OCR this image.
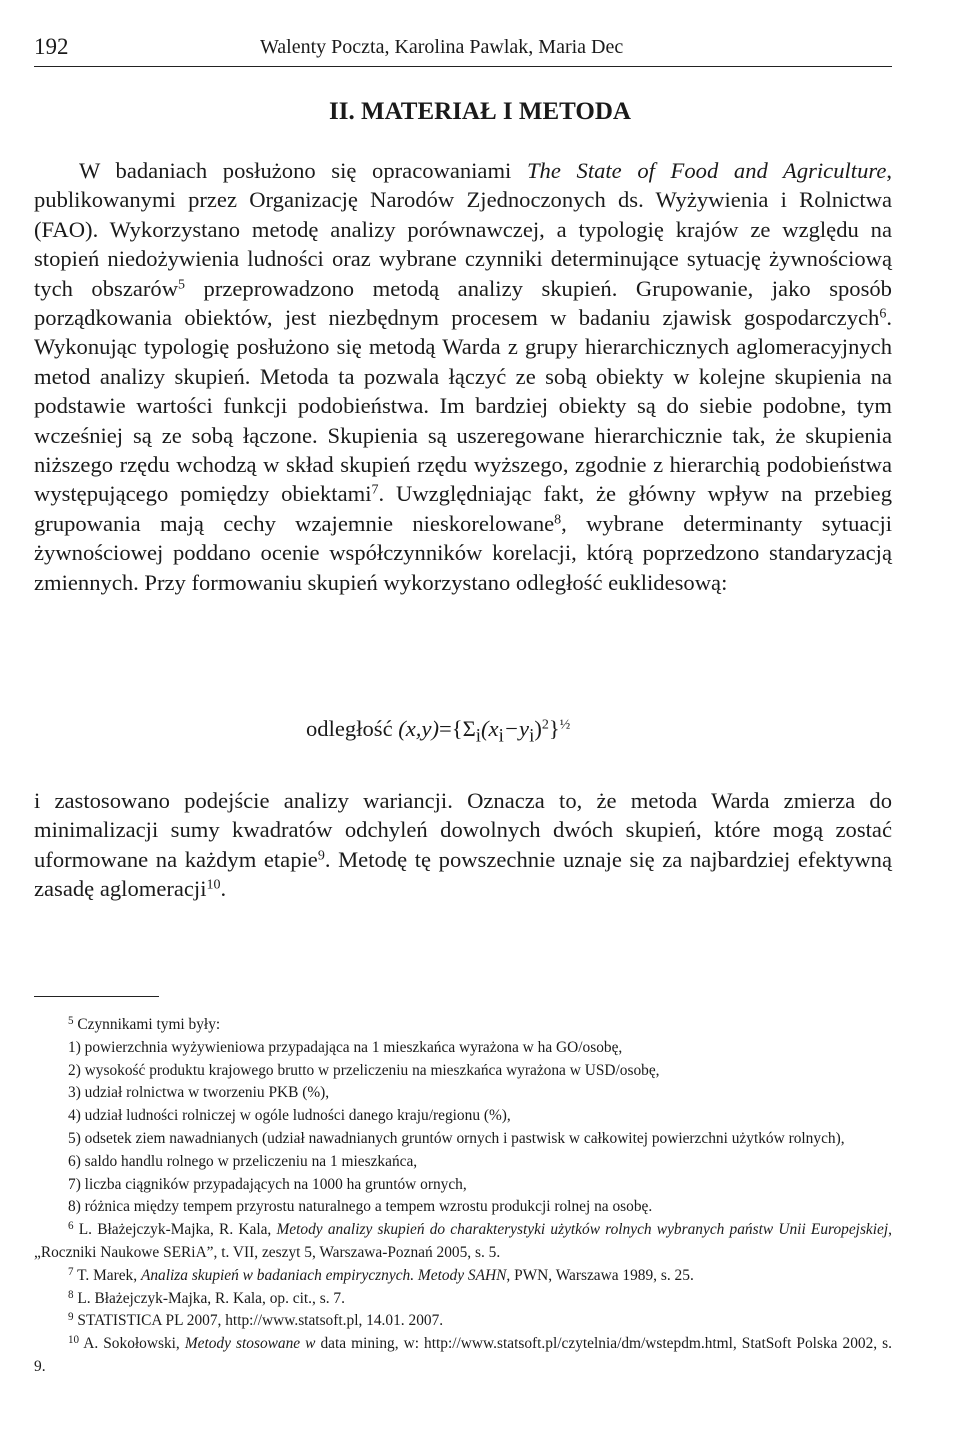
192	Walenty Poczta, Karolina Pawlak, Maria Dec
II. MATERIAŁ I METODA

W badaniach posłużono się opracowaniami The State of Food and Agriculture, publikowanymi przez Organizację Narodów Zjednoczonych ds. Wyżywienia i Rolnictwa (FAO). Wykorzystano metodę analizy porównawczej, a typologię krajów ze względu na stopień niedożywienia ludności oraz wybrane czynniki determinujące sytuację żywnościową tych obszarów$^5$ przeprowadzono metodą analizy skupień. Grupowanie, jako sposób porządkowania obiektów, jest niezbędnym procesem w badaniu zjawisk gospodarczych$^6$. Wykonując typologię posłużono się metodą Warda z grupy hierarchicznych aglomeracyjnych metod analizy skupień. Metoda ta pozwala łączyć ze sobą obiekty w kolejne skupienia na podstawie wartości funkcji podobieństwa. Im bardziej obiekty są do siebie podobne, tym wcześniej są ze sobą łączone. Skupienia są uszeregowane hierarchicznie tak, że skupienia niższego rzędu wchodzą w skład skupień rzędu wyższego, zgodnie z hierarchią podobieństwa występującego pomiędzy obiektami$^7$. Uwzględniając fakt, że główny wpływ na przebieg grupowania mają cechy wzajemnie nieskorelowane$^8$, wybrane determinanty sytuacji żywnościowej poddano ocenie współczynników korelacji, którą poprzedzono standaryzacją zmiennych. Przy formowaniu skupień wykorzystano odległość euklidesową:

odległość $(x,y)=\{\Sigma_i(x_i-y_i)^2\}^{\frac{1}{2}}$

i zastosowano podejście analizy wariancji. Oznacza to, że metoda Warda zmierza do minimalizacji sumy kwadratów odchyleń dowolnych dwóch skupień, które mogą zostać uformowane na każdym etapie$^9$. Metodę tę powszechnie uznaje się za najbardziej efektywną zasadę aglomeracji$^{10}$.

$^5$ Czynnikami tymi były:

1) powierzchnia wyżywieniowa przypadająca na 1 mieszkańca wyrażona w ha GO/osobę,

2) wysokość produktu krajowego brutto w przeliczeniu na mieszkańca wyrażona w USD/osobę,

3) udział rolnictwa w tworzeniu PKB (%),

4) udział ludności rolniczej w ogóle ludności danego kraju/regionu (%),

5) odsetek ziem nawadnianych (udział nawadnianych gruntów ornych i pastwisk w całkowitej powierzchni użytków rolnych),

6) saldo handlu rolnego w przeliczeniu na 1 mieszkańca,

7) liczba ciągników przypadających na 1000 ha gruntów ornych,

8) różnica między tempem przyrostu naturalnego a tempem wzrostu produkcji rolnej na osobę.

$^6$ L. Błażejczyk-Majka, R. Kala, Metody analizy skupień do charakterystyki użytków rolnych wybranych państw Unii Europejskiej, „Roczniki Naukowe SERiA”, t. VII, zeszyt 5, Warszawa-Poznań 2005, s. 5.

$^7$ T. Marek, Analiza skupień w badaniach empirycznych. Metody SAHN, PWN, Warszawa 1989, s. 25.

$^8$ L. Błażejczyk-Majka, R. Kala, op. cit., s. 7.

$^9$ STATISTICA PL 2007, http://www.statsoft.pl, 14.01. 2007.

$^{10}$ A. Sokołowski, Metody stosowane w data mining, w: http://www.statsoft.pl/czytelnia/dm/wstepdm.html, StatSoft Polska 2002, s. 9.
